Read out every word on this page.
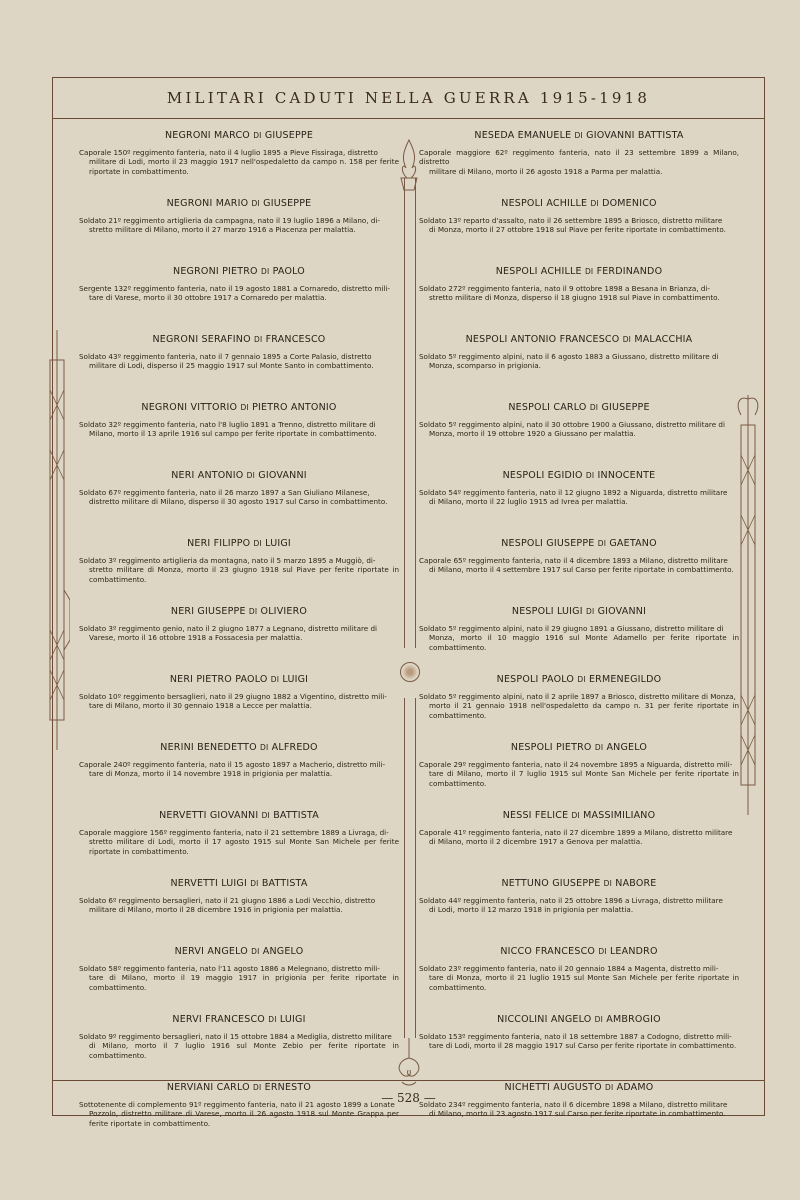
MILITARI CADUTI NELLA GUERRA 1915-1918
NEGRONI MARCO DI GIUSEPPE
Caporale 150º reggimento fanteria, nato il 4 luglio 1895 a Pieve Fissiraga, distretto
militare di Lodi, morto il 23 maggio 1917 nell'ospedaletto da campo n. 158 per ferite riportate in combattimento.
NEGRONI MARIO DI GIUSEPPE
Soldato 21º reggimento artiglieria da campagna, nato il 19 luglio 1896 a Milano, di-
stretto militare di Milano, morto il 27 marzo 1916 a Piacenza per malattia.
NEGRONI PIETRO DI PAOLO
Sergente 132º reggimento fanteria, nato il 19 agosto 1881 a Cornaredo, distretto mili-
tare di Varese, morto il 30 ottobre 1917 a Cornaredo per malattia.
NEGRONI SERAFINO DI FRANCESCO
Soldato 43º reggimento fanteria, nato il 7 gennaio 1895 a Corte Palasio, distretto
militare di Lodi, disperso il 25 maggio 1917 sul Monte Santo in combattimento.
NEGRONI VITTORIO DI PIETRO ANTONIO
Soldato 32º reggimento fanteria, nato l'8 luglio 1891 a Trenno, distretto militare di
Milano, morto il 13 aprile 1916 sul campo per ferite riportate in combattimento.
NERI ANTONIO DI GIOVANNI
Soldato 67º reggimento fanteria, nato il 26 marzo 1897 a San Giuliano Milanese,
distretto militare di Milano, disperso il 30 agosto 1917 sul Carso in combattimento.
NERI FILIPPO DI LUIGI
Soldato 3º reggimento artiglieria da montagna, nato il 5 marzo 1895 a Muggiò, di-
stretto militare di Monza, morto il 23 giugno 1918 sul Piave per ferite riportate in combattimento.
NERI GIUSEPPE DI OLIVIERO
Soldato 3º reggimento genio, nato il 2 giugno 1877 a Legnano, distretto militare di
Varese, morto il 16 ottobre 1918 a Fossacesia per malattia.
NERI PIETRO PAOLO DI LUIGI
Soldato 10º reggimento bersaglieri, nato il 29 giugno 1882 a Vigentino, distretto mili-
tare di Milano, morto il 30 gennaio 1918 a Lecce per malattia.
NERINI BENEDETTO DI ALFREDO
Caporale 240º reggimento fanteria, nato il 15 agosto 1897 a Macherio, distretto mili-
tare di Monza, morto il 14 novembre 1918 in prigionia per malattia.
NERVETTI GIOVANNI DI BATTISTA
Caporale maggiore 156º reggimento fanteria, nato il 21 settembre 1889 a Livraga, di-
stretto militare di Lodi, morto il 17 agosto 1915 sul Monte San Michele per ferite riportate in combattimento.
NERVETTI LUIGI DI BATTISTA
Soldato 6º reggimento bersaglieri, nato il 21 giugno 1886 a Lodi Vecchio, distretto
militare di Milano, morto il 28 dicembre 1916 in prigionia per malattia.
NERVI ANGELO DI ANGELO
Soldato 58º reggimento fanteria, nato l'11 agosto 1886 a Melegnano, distretto mili-
tare di Milano, morto il 19 maggio 1917 in prigionia per ferite riportate in combattimento.
NERVI FRANCESCO DI LUIGI
Soldato 9º reggimento bersaglieri, nato il 15 ottobre 1884 a Mediglia, distretto militare
di Milano, morto il 7 luglio 1916 sul Monte Zebio per ferite riportate in combattimento.
NERVIANI CARLO DI ERNESTO
Sottotenente di complemento 91º reggimento fanteria, nato il 21 agosto 1899 a Lonate
Pozzolo, distretto militare di Varese, morto il 26 agosto 1918 sul Monte Grappa per ferite riportate in combattimento.
NESEDA EMANUELE DI GIOVANNI BATTISTA
Caporale maggiore 62º reggimento fanteria, nato il 23 settembre 1899 a Milano, distretto
militare di Milano, morto il 26 agosto 1918 a Parma per malattia.
NESPOLI ACHILLE DI DOMENICO
Soldato 13º reparto d'assalto, nato il 26 settembre 1895 a Briosco, distretto militare
di Monza, morto il 27 ottobre 1918 sul Piave per ferite riportate in combattimento.
NESPOLI ACHILLE DI FERDINANDO
Soldato 272º reggimento fanteria, nato il 9 ottobre 1898 a Besana in Brianza, di-
stretto militare di Monza, disperso il 18 giugno 1918 sul Piave in combattimento.
NESPOLI ANTONIO FRANCESCO DI MALACCHIA
Soldato 5º reggimento alpini, nato il 6 agosto 1883 a Giussano, distretto militare di
Monza, scomparso in prigionia.
NESPOLI CARLO DI GIUSEPPE
Soldato 5º reggimento alpini, nato il 30 ottobre 1900 a Giussano, distretto militare di
Monza, morto il 19 ottobre 1920 a Giussano per malattia.
NESPOLI EGIDIO DI INNOCENTE
Soldato 54º reggimento fanteria, nato il 12 giugno 1892 a Niguarda, distretto militare
di Milano, morto il 22 luglio 1915 ad Ivrea per malattia.
NESPOLI GIUSEPPE DI GAETANO
Caporale 65º reggimento fanteria, nato il 4 dicembre 1893 a Milano, distretto militare
di Milano, morto il 4 settembre 1917 sul Carso per ferite riportate in combattimento.
NESPOLI LUIGI DI GIOVANNI
Soldato 5º reggimento alpini, nato il 29 giugno 1891 a Giussano, distretto militare di
Monza, morto il 10 maggio 1916 sul Monte Adamello per ferite riportate in combattimento.
NESPOLI PAOLO DI ERMENEGILDO
Soldato 5º reggimento alpini, nato il 2 aprile 1897 a Briosco, distretto militare di Monza,
morto il 21 gennaio 1918 nell'ospedaletto da campo n. 31 per ferite riportate in combattimento.
NESPOLI PIETRO DI ANGELO
Caporale 29º reggimento fanteria, nato il 24 novembre 1895 a Niguarda, distretto mili-
tare di Milano, morto il 7 luglio 1915 sul Monte San Michele per ferite riportate in combattimento.
NESSI FELICE DI MASSIMILIANO
Caporale 41º reggimento fanteria, nato il 27 dicembre 1899 a Milano, distretto militare
di Milano, morto il 2 dicembre 1917 a Genova per malattia.
NETTUNO GIUSEPPE DI NABORE
Soldato 44º reggimento fanteria, nato il 25 ottobre 1896 a Livraga, distretto militare
di Lodi, morto il 12 marzo 1918 in prigionia per malattia.
NICCO FRANCESCO DI LEANDRO
Soldato 23º reggimento fanteria, nato il 20 gennaio 1884 a Magenta, distretto mili-
tare di Monza, morto il 21 luglio 1915 sul Monte San Michele per ferite riportate in combattimento.
NICCOLINI ANGELO DI AMBROGIO
Soldato 153º reggimento fanteria, nato il 18 settembre 1887 a Codogno, distretto mili-
tare di Lodi, morto il 28 maggio 1917 sul Carso per ferite riportate in combattimento.
NICHETTI AUGUSTO DI ADAMO
Soldato 234º reggimento fanteria, nato il 6 dicembre 1898 a Milano, distretto militare
di Milano, morto il 23 agosto 1917 sul Carso per ferite riportate in combattimento.
— 528 —
